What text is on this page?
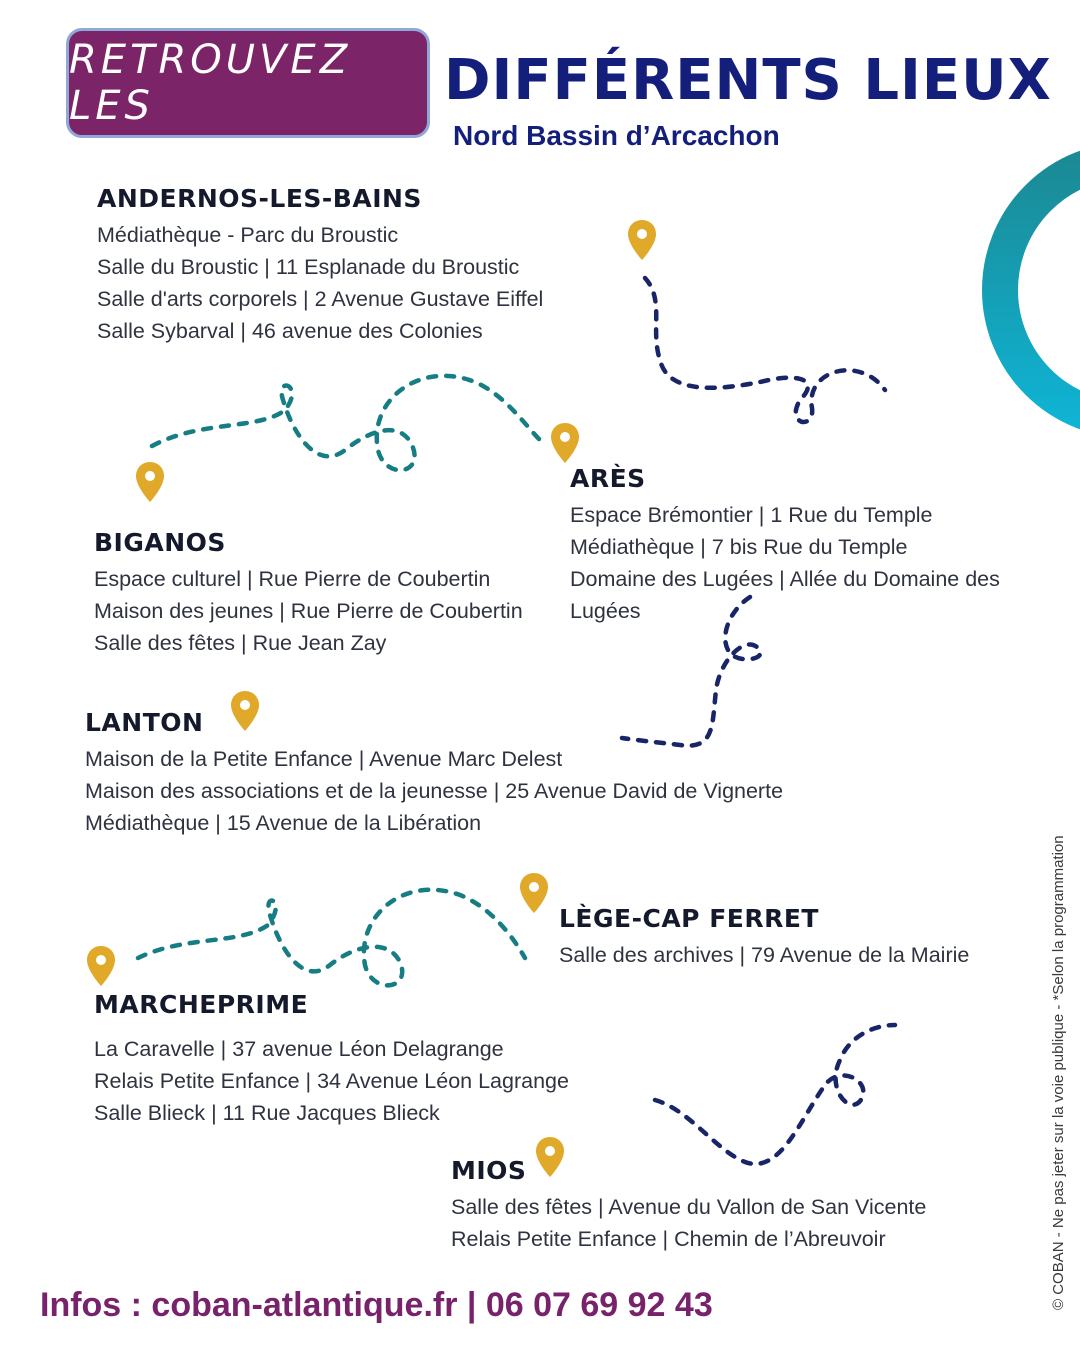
RETROUVEZ LES	DIFFÉRENTS LIEUX
Nord Bassin d’Arcachon
ANDERNOS-LES-BAINS
Médiathèque - Parc du Broustic
Salle du Broustic | 11 Esplanade du Broustic
Salle d'arts corporels | 2 Avenue Gustave Eiffel
Salle Sybarval | 46 avenue des Colonies
ARÈS
Espace Brémontier | 1 Rue du Temple
Médiathèque | 7 bis Rue du Temple
Domaine des Lugées | Allée du Domaine des
Lugées
BIGANOS
Espace culturel | Rue Pierre de Coubertin
Maison des jeunes | Rue Pierre de Coubertin
Salle des fêtes | Rue Jean Zay
LANTON
Maison de la Petite Enfance | Avenue Marc Delest
Maison des associations et de la jeunesse | 25 Avenue David de Vignerte
Médiathèque | 15 Avenue de la Libération
LÈGE-CAP FERRET
Salle des archives | 79 Avenue de la Mairie
MARCHEPRIME
La Caravelle | 37 avenue Léon Delagrange
Relais Petite Enfance | 34 Avenue Léon Lagrange
Salle Blieck | 11 Rue Jacques Blieck
MIOS
Salle des fêtes | Avenue du Vallon de San Vicente
Relais Petite Enfance | Chemin de l’Abreuvoir
Infos : coban-atlantique.fr | 06 07 69 92 43	© COBAN - Ne pas jeter sur la voie publique - *Selon la programmation
